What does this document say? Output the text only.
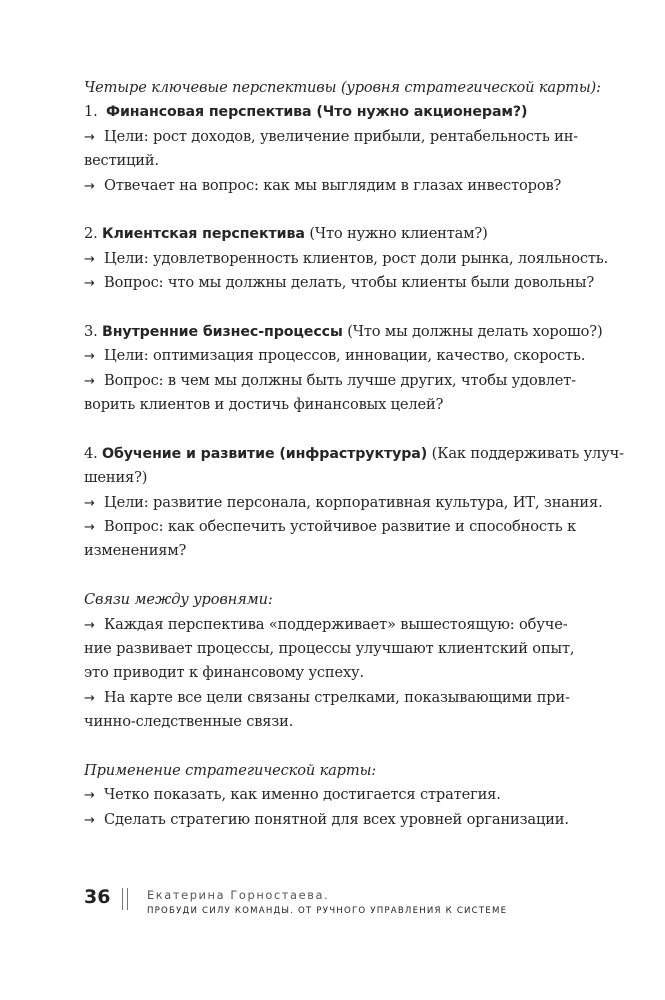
Четыре ключевые перспективы (уровня стратегической карты):
1. Финансовая перспектива (Что нужно акционерам?)
→ Цели: рост доходов, увеличение прибыли, рентабельность ин-
вестиций.
→ Отвечает на вопрос: как мы выглядим в глазах инвесторов?
2. Клиентская перспектива (Что нужно клиентам?)
→ Цели: удовлетворенность клиентов, рост доли рынка, лояльность.
→ Вопрос: что мы должны делать, чтобы клиенты были довольны?
3. Внутренние бизнес-процессы (Что мы должны делать хорошо?)
→ Цели: оптимизация процессов, инновации, качество, скорость.
→ Вопрос: в чем мы должны быть лучше других, чтобы удовлет-
ворить клиентов и достичь финансовых целей?
4. Обучение и развитие (инфраструктура) (Как поддерживать улуч-
шения?)
→ Цели: развитие персонала, корпоративная культура, ИТ, знания.
→ Вопрос: как обеспечить устойчивое развитие и способность к
изменениям?
Связи между уровнями:
→ Каждая перспектива «поддерживает» вышестоящую: обуче-
ние развивает процессы, процессы улучшают клиентский опыт,
это приводит к финансовому успеху.
→ На карте все цели связаны стрелками, показывающими при-
чинно-следственные связи.
Применение стратегической карты:
→ Четко показать, как именно достигается стратегия.
→ Сделать стратегию понятной для всех уровней организации.
36	Екатерина Горностаева.
ПРОБУДИ СИЛУ КОМАНДЫ. ОТ РУЧНОГО УПРАВЛЕНИЯ К СИСТЕМЕ
